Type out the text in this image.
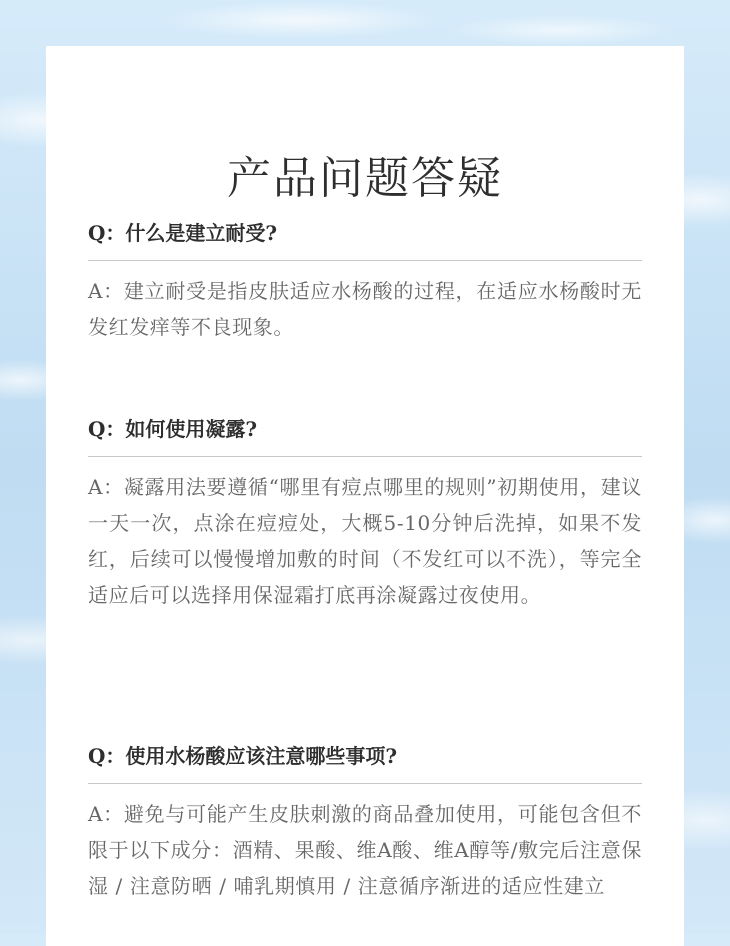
产品问题答疑

Q：什么是建立耐受?

A：建立耐受是指皮肤适应水杨酸的过程，在适应水杨酸时无发红发痒等不良现象。

Q：如何使用凝露?

A：凝露用法要遵循“哪里有痘点哪里的规则”初期使用，建议一天一次，点涂在痘痘处，大概5-10分钟后洗掉，如果不发红，后续可以慢慢增加敷的时间（不发红可以不洗），等完全适应后可以选择用保湿霜打底再涂凝露过夜使用。

Q：使用水杨酸应该注意哪些事项?

A：避免与可能产生皮肤刺激的商品叠加使用，可能包含但不限于以下成分：酒精、果酸、维A酸、维A醇等/敷完后注意保湿 / 注意防晒 / 哺乳期慎用 / 注意循序渐进的适应性建立
